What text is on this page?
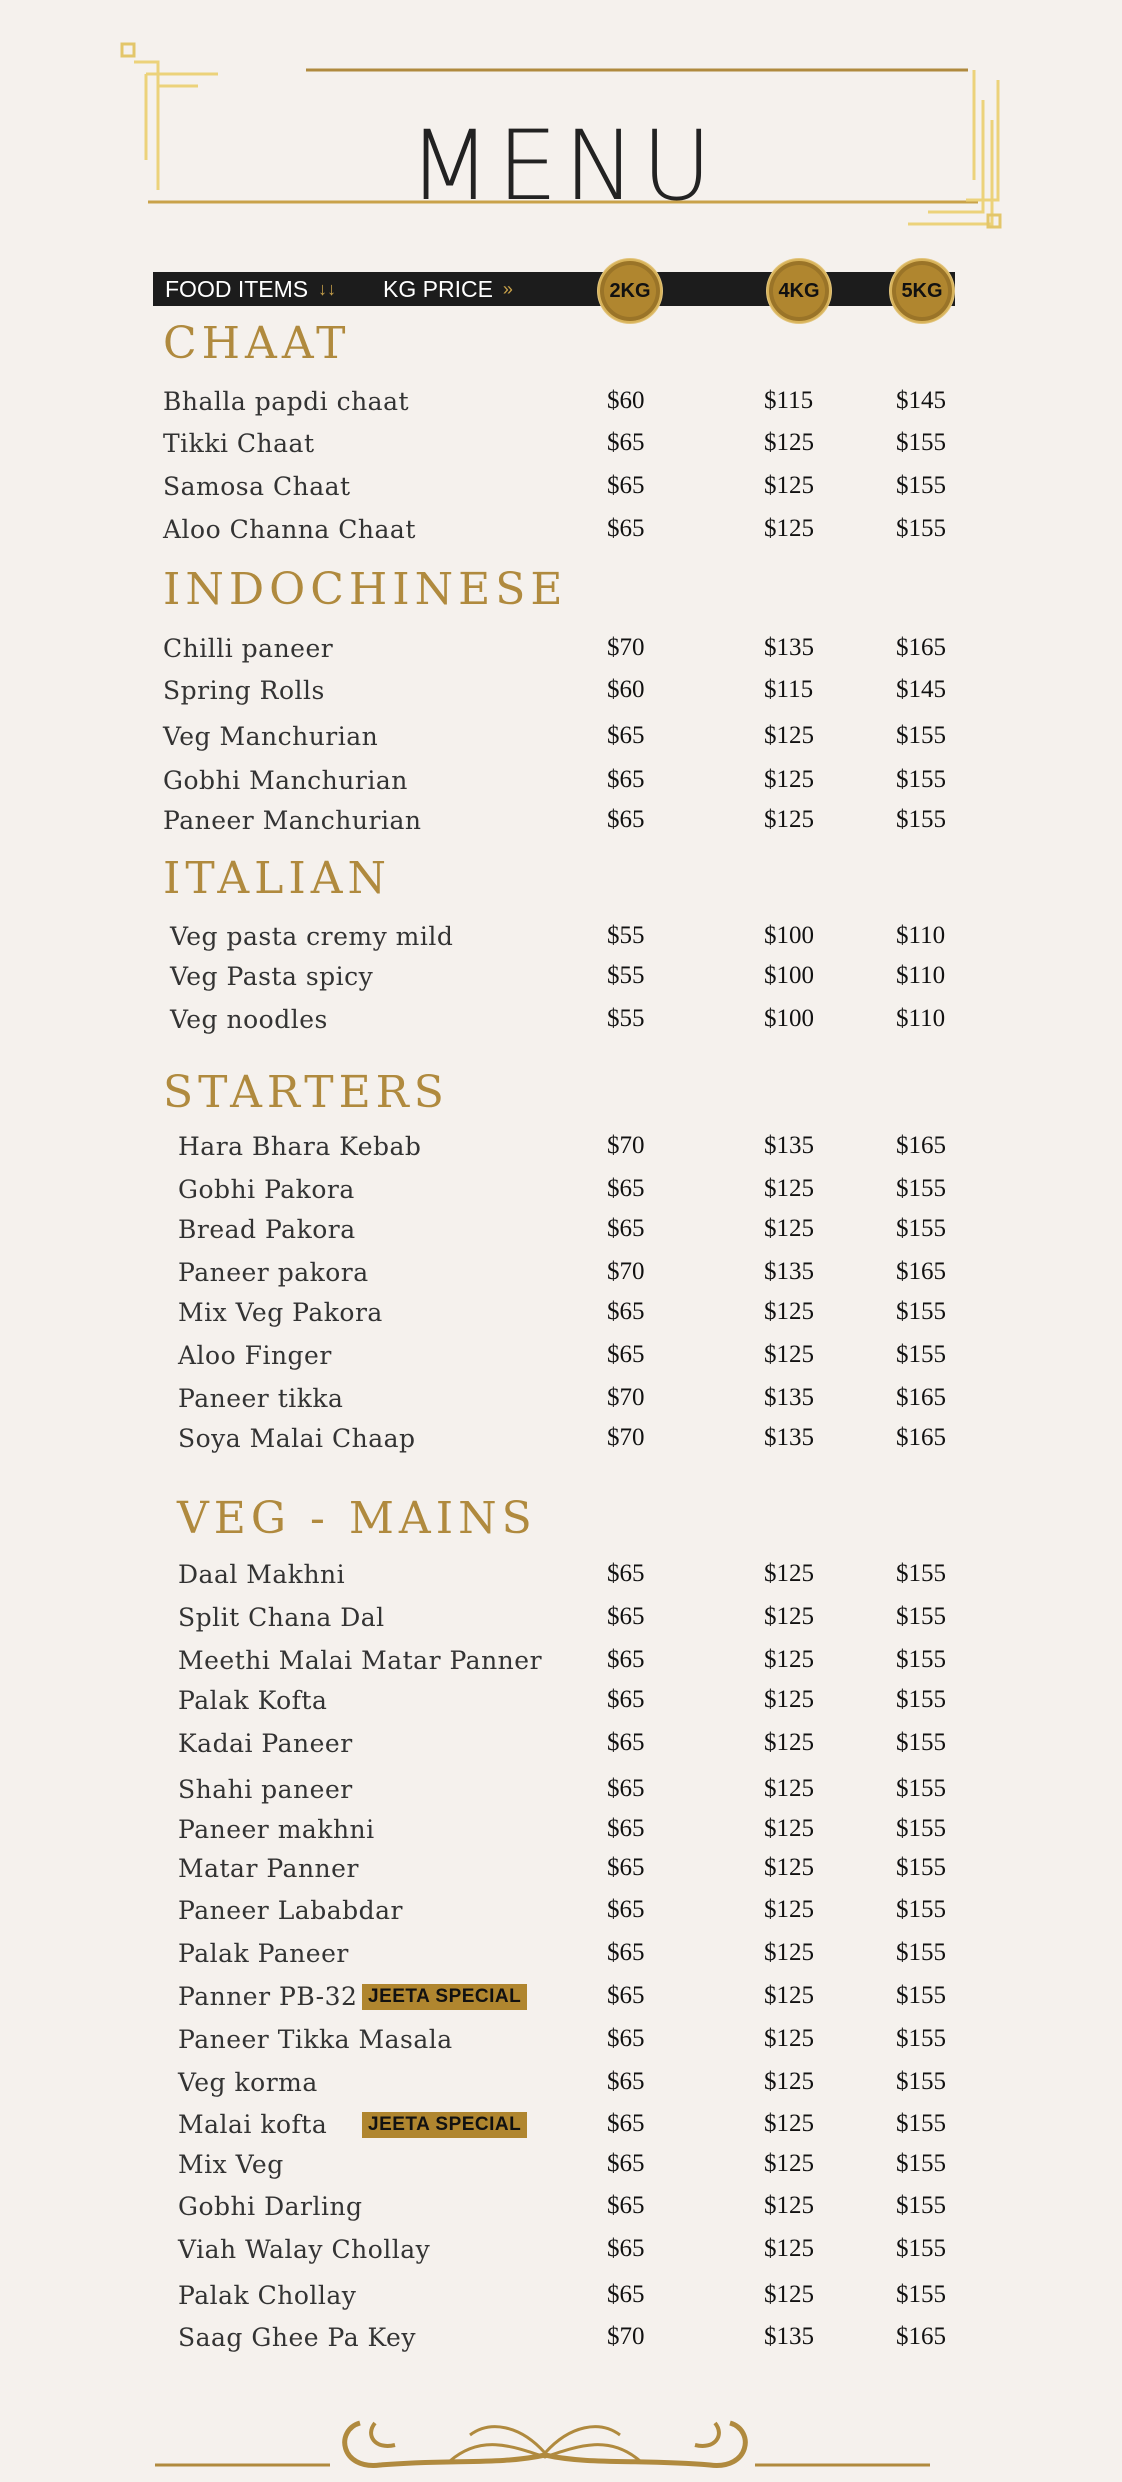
MENU
FOOD ITEMS ↓↓ KG PRICE »	2KG	4KG	5KG
CHAAT
INDOCHINESE
ITALIAN
STARTERS
VEG - MAINS
Bhalla papdi chaat	$60	$115	$145
Tikki Chaat	$65	$125	$155
Samosa Chaat	$65	$125	$155
Aloo Channa Chaat	$65	$125	$155
Chilli paneer	$70	$135	$165
Spring Rolls	$60	$115	$145
Veg Manchurian	$65	$125	$155
Gobhi Manchurian	$65	$125	$155
Paneer Manchurian	$65	$125	$155
Veg pasta cremy mild	$55	$100	$110
Veg Pasta spicy	$55	$100	$110
Veg noodles	$55	$100	$110
Hara Bhara Kebab	$70	$135	$165
Gobhi Pakora	$65	$125	$155
Bread Pakora	$65	$125	$155
Paneer pakora	$70	$135	$165
Mix Veg Pakora	$65	$125	$155
Aloo Finger	$65	$125	$155
Paneer tikka	$70	$135	$165
Soya Malai Chaap	$70	$135	$165
Daal Makhni	$65	$125	$155
Split Chana Dal	$65	$125	$155
Meethi Malai Matar Panner	$65	$125	$155
Palak Kofta	$65	$125	$155
Kadai Paneer	$65	$125	$155
Shahi paneer	$65	$125	$155
Paneer makhni	$65	$125	$155
Matar Panner	$65	$125	$155
Paneer Lababdar	$65	$125	$155
Palak Paneer	$65	$125	$155
Panner PB-32 JEETA SPECIAL	$65	$125	$155
Paneer Tikka Masala	$65	$125	$155
Veg korma	$65	$125	$155
Malai kofta	JEETA SPECIAL	$65	$125	$155
Mix Veg	$65	$125	$155
Gobhi Darling	$65	$125	$155
Viah Walay Chollay	$65	$125	$155
Palak Chollay	$65	$125	$155
Saag Ghee Pa Key	$70	$135	$165
